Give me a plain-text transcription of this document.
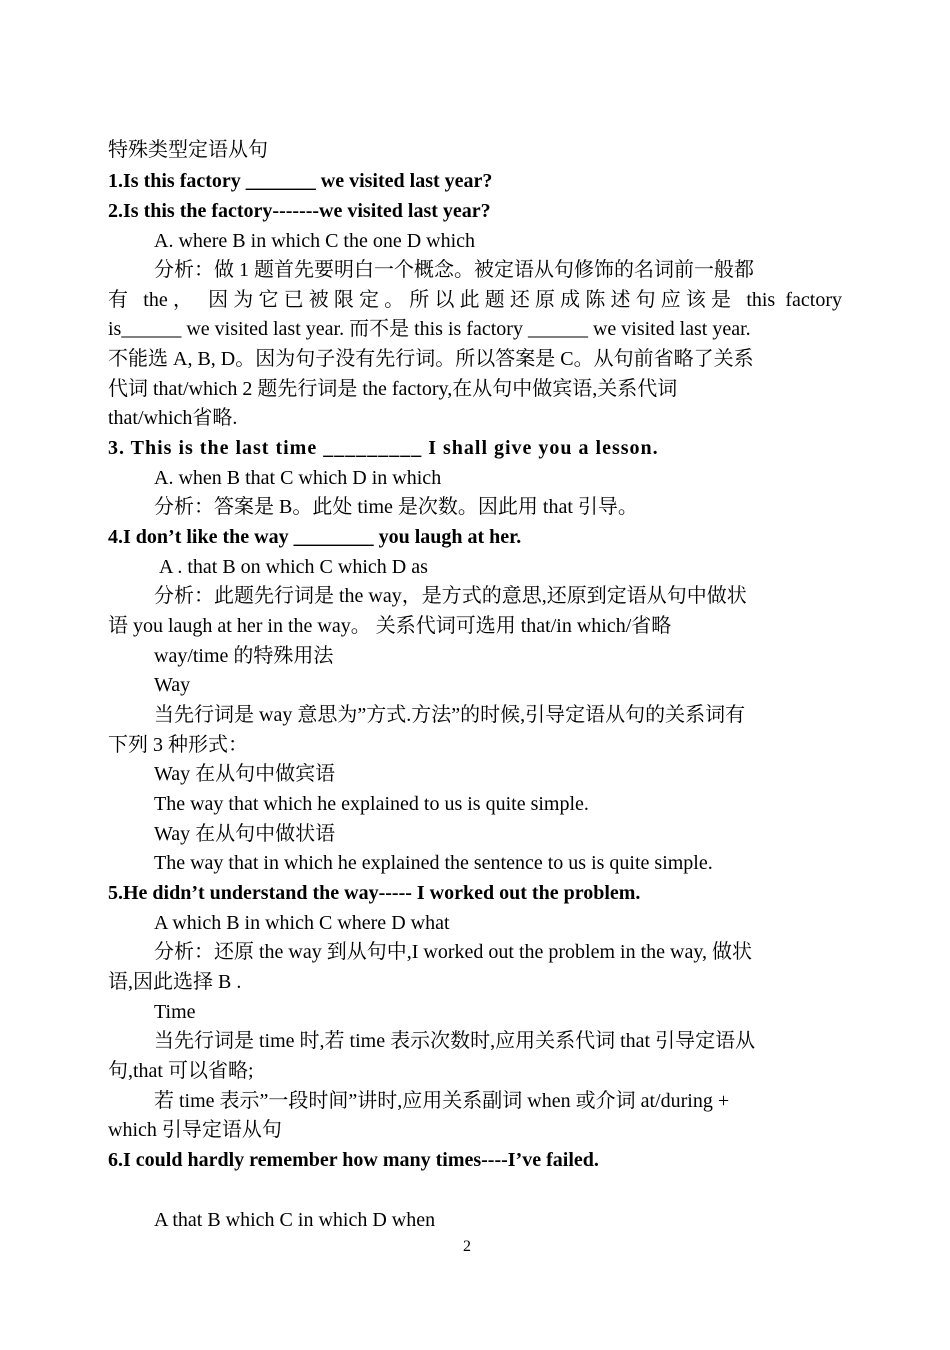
特殊类型定语从句
1.Is this factory _______ we visited last year?
2.Is this the factory-------we visited last year?
A. where B in which C the one D which
分析：做 1 题首先要明白一个概念。被定语从句修饰的名词前一般都
有 the， 因为它已被限定。所以此题还原成陈述句应该是 this factory
is______ we visited last year. 而不是 this is factory ______ we visited last year.
不能选 A, B, D。因为句子没有先行词。所以答案是 C。从句前省略了关系
代词 that/which 2 题先行词是 the factory,在从句中做宾语,关系代词
that/which省略.
3. This is the last time _________ I shall give you a lesson.
A. when B that C which D in which
分析：答案是 B。此处 time 是次数。因此用 that 引导。
4.I don’t like the way ________ you laugh at her.
A . that B on which C which D as
分析：此题先行词是 the way，是方式的意思,还原到定语从句中做状
语 you laugh at her in the way。 关系代词可选用 that/in which/省略
way/time 的特殊用法
Way
当先行词是 way 意思为”方式.方法”的时候,引导定语从句的关系词有
下列 3 种形式：
Way 在从句中做宾语
The way that which he explained to us is quite simple.
Way 在从句中做状语
The way that in which he explained the sentence to us is quite simple.
5.He didn’t understand the way----- I worked out the problem.
A which B in which C where D what
分析：还原 the way 到从句中,I worked out the problem in the way, 做状
语,因此选择 B .
Time
当先行词是 time 时,若 time 表示次数时,应用关系代词 that 引导定语从
句,that 可以省略;
若 time 表示”一段时间”讲时,应用关系副词 when 或介词 at/during +
which 引导定语从句
6.I could hardly remember how many times----I’ve failed.
A that B which C in which D when
2
